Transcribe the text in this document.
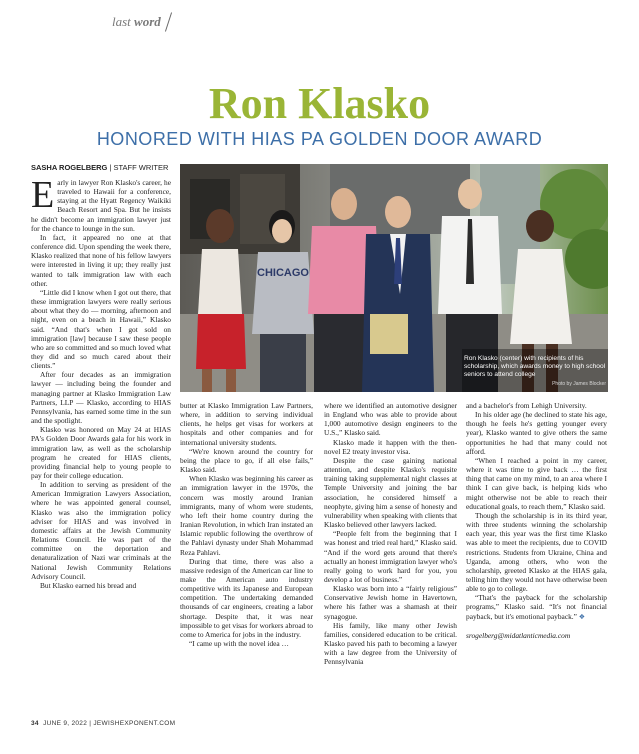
last word
Ron Klasko
HONORED WITH HIAS PA GOLDEN DOOR AWARD
SASHA ROGELBERG | STAFF WRITER
CHICAGO
Ron Klasko (center) with recipients of his scholarship, which awards money to high school seniors to attend college
Photo by James Blocker

Early in lawyer Ron Klasko's career, he traveled to Hawaii for a conference, staying at the Hyatt Regency Waikiki Beach Resort and Spa. But he insists he didn't become an immigration lawyer just for the chance to lounge in the sun.

In fact, it appeared no one at that conference did. Upon spending the week there, Klasko realized that none of his fellow lawyers were interested in living it up; they really just wanted to talk immigration law with each other.

“Little did I know when I got out there, that these immigration lawyers were really serious about what they do — morning, afternoon and night, even on a beach in Hawaii,” Klasko said. “And that's when I got sold on immigration [law] because I saw these people who are so committed and so much loved what they did and so much cared about their clients.”

After four decades as an immigration lawyer — including being the founder and managing partner at Klasko Immigration Law Partners, LLP — Klasko, according to HIAS Pennsylvania, has earned some time in the sun and the spotlight.

Klasko was honored on May 24 at HIAS PA's Golden Door Awards gala for his work in immigration law, as well as the scholarship program he created for HIAS clients, providing financial help to young people to pay for their college education.

In addition to serving as president of the American Immigration Lawyers Association, where he was appointed general counsel, Klasko was also the immigration policy adviser for HIAS and was involved in domestic affairs at the Jewish Community Relations Council. He was part of the committee on the deportation and denaturalization of Nazi war criminals at the National Jewish Community Relations Advisory Council.

But Klasko earned his bread and

butter at Klasko Immigration Law Partners, where, in addition to serving individual clients, he helps get visas for workers at hospitals and other companies and for international university students.

“We're known around the country for being the place to go, if all else fails,” Klasko said.

When Klasko was beginning his career as an immigration lawyer in the 1970s, the concern was mostly around Iranian immigrants, many of whom were students, who left their home country during the Iranian Revolution, in which Iran instated an Islamic republic following the overthrow of the Pahlavi dynasty under Shah Mohammad Reza Pahlavi.

During that time, there was also a massive redesign of the American car line to make the American auto industry competitive with its Japanese and European competition. The undertaking demanded thousands of car engineers, creating a labor shortage. Despite that, it was near impossible to get visas for workers abroad to come to America for jobs in the industry.

“I came up with the novel idea …

where we identified an automotive designer in England who was able to provide about 1,000 automotive design engineers to the U.S.,” Klasko said.

Klasko made it happen with the then-novel E2 treaty investor visa.

Despite the case gaining national attention, and despite Klasko's requisite training taking supplemental night classes at Temple University and joining the bar association, he considered himself a neophyte, giving him a sense of honesty and vulnerability when speaking with clients that Klasko believed other lawyers lacked.

“People felt from the beginning that I was honest and tried real hard,” Klasko said. “And if the word gets around that there's actually an honest immigration lawyer who's really going to work hard for you, you develop a lot of business.”

Klasko was born into a “fairly religious” Conservative Jewish home in Havertown, where his father was a shamash at their synagogue.

His family, like many other Jewish families, considered education to be critical. Klasko paved his path to becoming a lawyer with a law degree from the University of Pennsylvania

and a bachelor's from Lehigh University.

In his older age (he declined to state his age, though he feels he's getting younger every year), Klasko wanted to give others the same opportunities he had that many could not afford.

“When I reached a point in my career, where it was time to give back … the first thing that came on my mind, to an area where I think I can give back, is helping kids who might otherwise not be able to reach their educational goals, to reach them,” Klasko said.

Though the scholarship is in its third year, with three students winning the scholarship each year, this year was the first time Klasko was able to meet the recipients, due to COVID restrictions. Students from Ukraine, China and Uganda, among others, who won the scholarship, greeted Klasko at the HIAS gala, telling him they would not have otherwise been able to go to college.

“That's the payback for the scholarship programs,” Klasko said. “It's not financial payback, but it's emotional payback.” ❖

srogelberg@midatlanticmedia.com

34 JUNE 9, 2022 | JEWISHEXPONENT.COM
